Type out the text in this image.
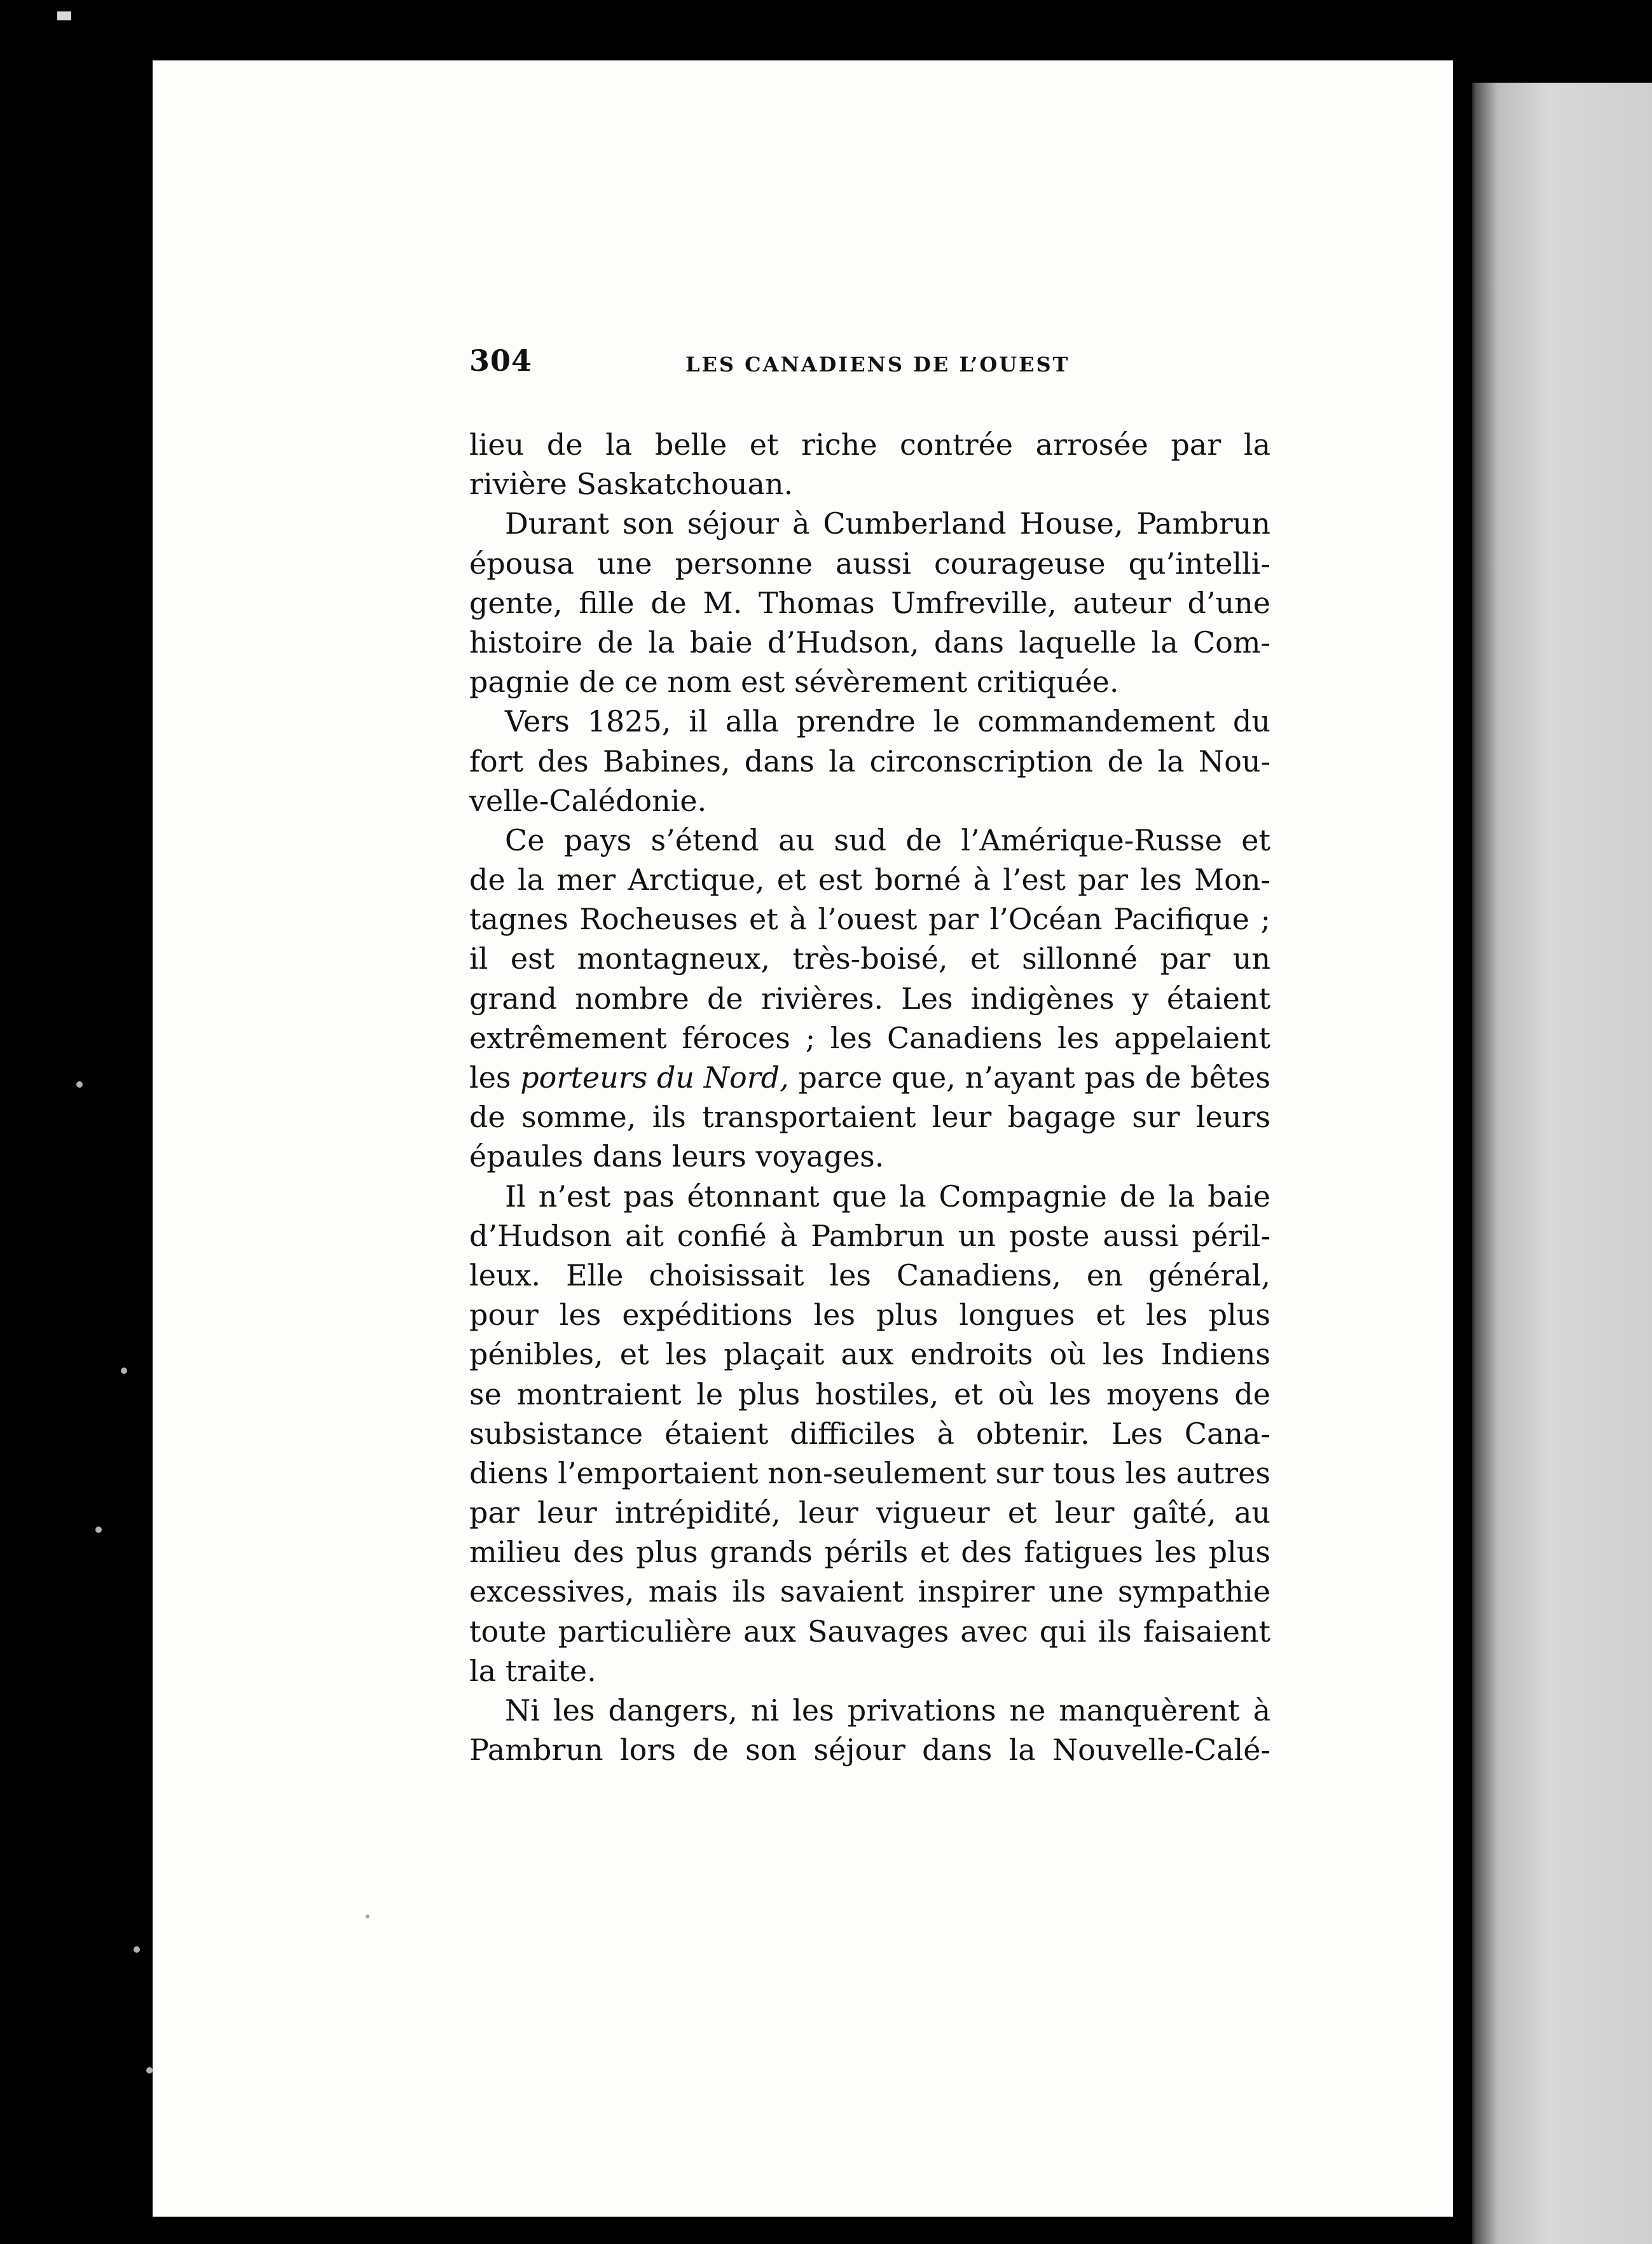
304	LES CANADIENS DE L’OUEST
lieu de la belle et riche contrée arrosée par la
rivière Saskatchouan.
Durant son séjour à Cumberland House, Pambrun
épousa une personne aussi courageuse qu’intelli-
gente, fille de M. Thomas Umfreville, auteur d’une
histoire de la baie d’Hudson, dans laquelle la Com-
pagnie de ce nom est sévèrement critiquée.
Vers 1825, il alla prendre le commandement du
fort des Babines, dans la circonscription de la Nou-
velle-Calédonie.
Ce pays s’étend au sud de l’Amérique-Russe et
de la mer Arctique, et est borné à l’est par les Mon-
tagnes Rocheuses et à l’ouest par l’Océan Pacifique ;
il est montagneux, très-boisé, et sillonné par un
grand nombre de rivières. Les indigènes y étaient
extrêmement féroces ; les Canadiens les appelaient
les porteurs du Nord, parce que, n’ayant pas de bêtes
de somme, ils transportaient leur bagage sur leurs
épaules dans leurs voyages.
Il n’est pas étonnant que la Compagnie de la baie
d’Hudson ait confié à Pambrun un poste aussi péril-
leux. Elle choisissait les Canadiens, en général,
pour les expéditions les plus longues et les plus
pénibles, et les plaçait aux endroits où les Indiens
se montraient le plus hostiles, et où les moyens de
subsistance étaient difficiles à obtenir. Les Cana-
diens l’emportaient non-seulement sur tous les autres
par leur intrépidité, leur vigueur et leur gaîté, au
milieu des plus grands périls et des fatigues les plus
excessives, mais ils savaient inspirer une sympathie
toute particulière aux Sauvages avec qui ils faisaient
la traite.
Ni les dangers, ni les privations ne manquèrent à
Pambrun lors de son séjour dans la Nouvelle-Calé-
